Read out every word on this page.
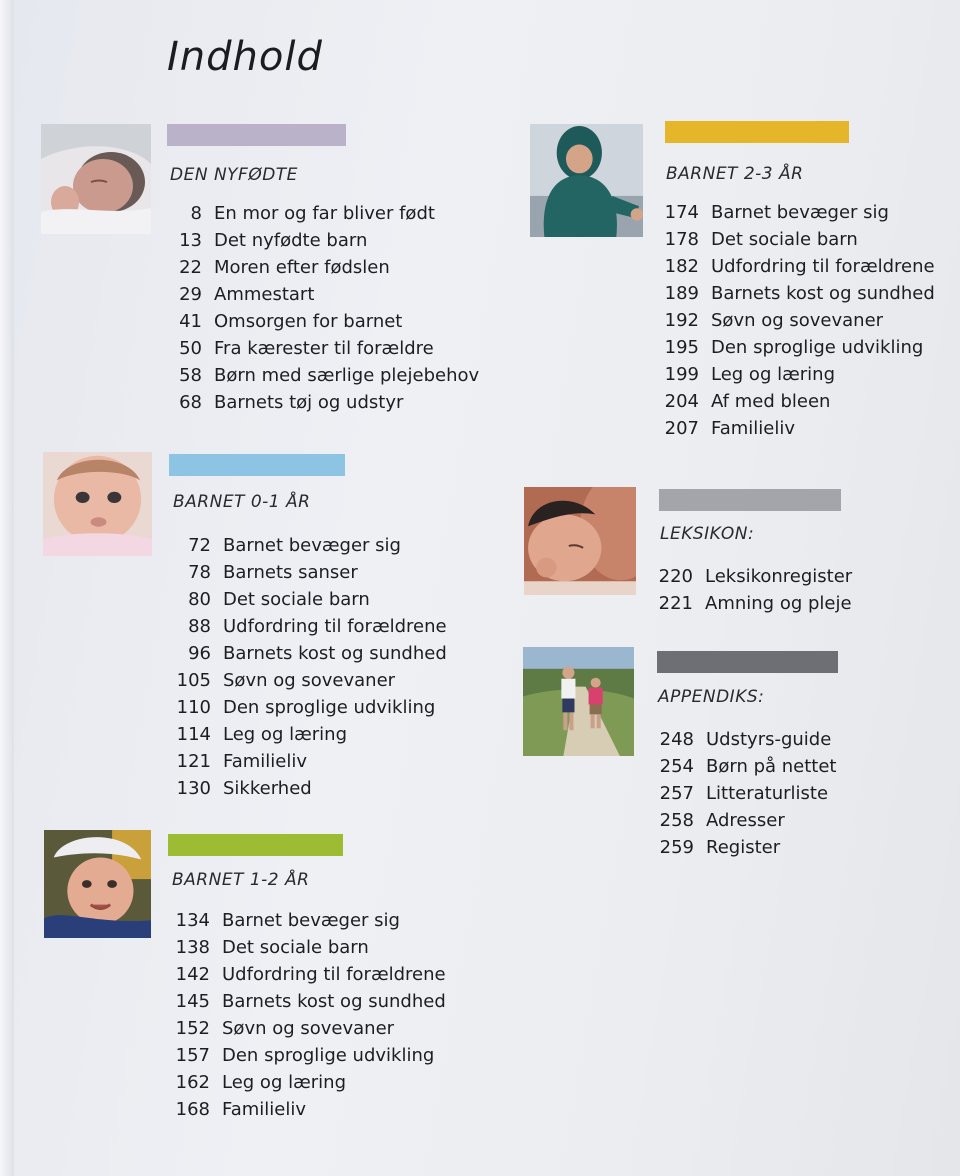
Indhold
DEN NYFØDTE
8 En mor og far bliver født
13 Det nyfødte barn
22 Moren efter fødslen
29 Ammestart
41 Omsorgen for barnet
50 Fra kærester til forældre
58 Børn med særlige plejebehov
68 Barnets tøj og udstyr
BARNET 0-1 ÅR
72 Barnet bevæger sig
78 Barnets sanser
80 Det sociale barn
88 Udfordring til forældrene
96 Barnets kost og sundhed
105 Søvn og sovevaner
110 Den sproglige udvikling
114 Leg og læring
121 Familieliv
130 Sikkerhed
BARNET 1-2 ÅR
134 Barnet bevæger sig
138 Det sociale barn
142 Udfordring til forældrene
145 Barnets kost og sundhed
152 Søvn og sovevaner
157 Den sproglige udvikling
162 Leg og læring
168 Familieliv
BARNET 2-3 ÅR
174 Barnet bevæger sig
178 Det sociale barn
182 Udfordring til forældrene
189 Barnets kost og sundhed
192 Søvn og sovevaner
195 Den sproglige udvikling
199 Leg og læring
204 Af med bleen
207 Familieliv
LEKSIKON:
220 Leksikonregister
221 Amning og pleje
APPENDIKS:
248 Udstyrs-guide
254 Børn på nettet
257 Litteraturliste
258 Adresser
259 Register
